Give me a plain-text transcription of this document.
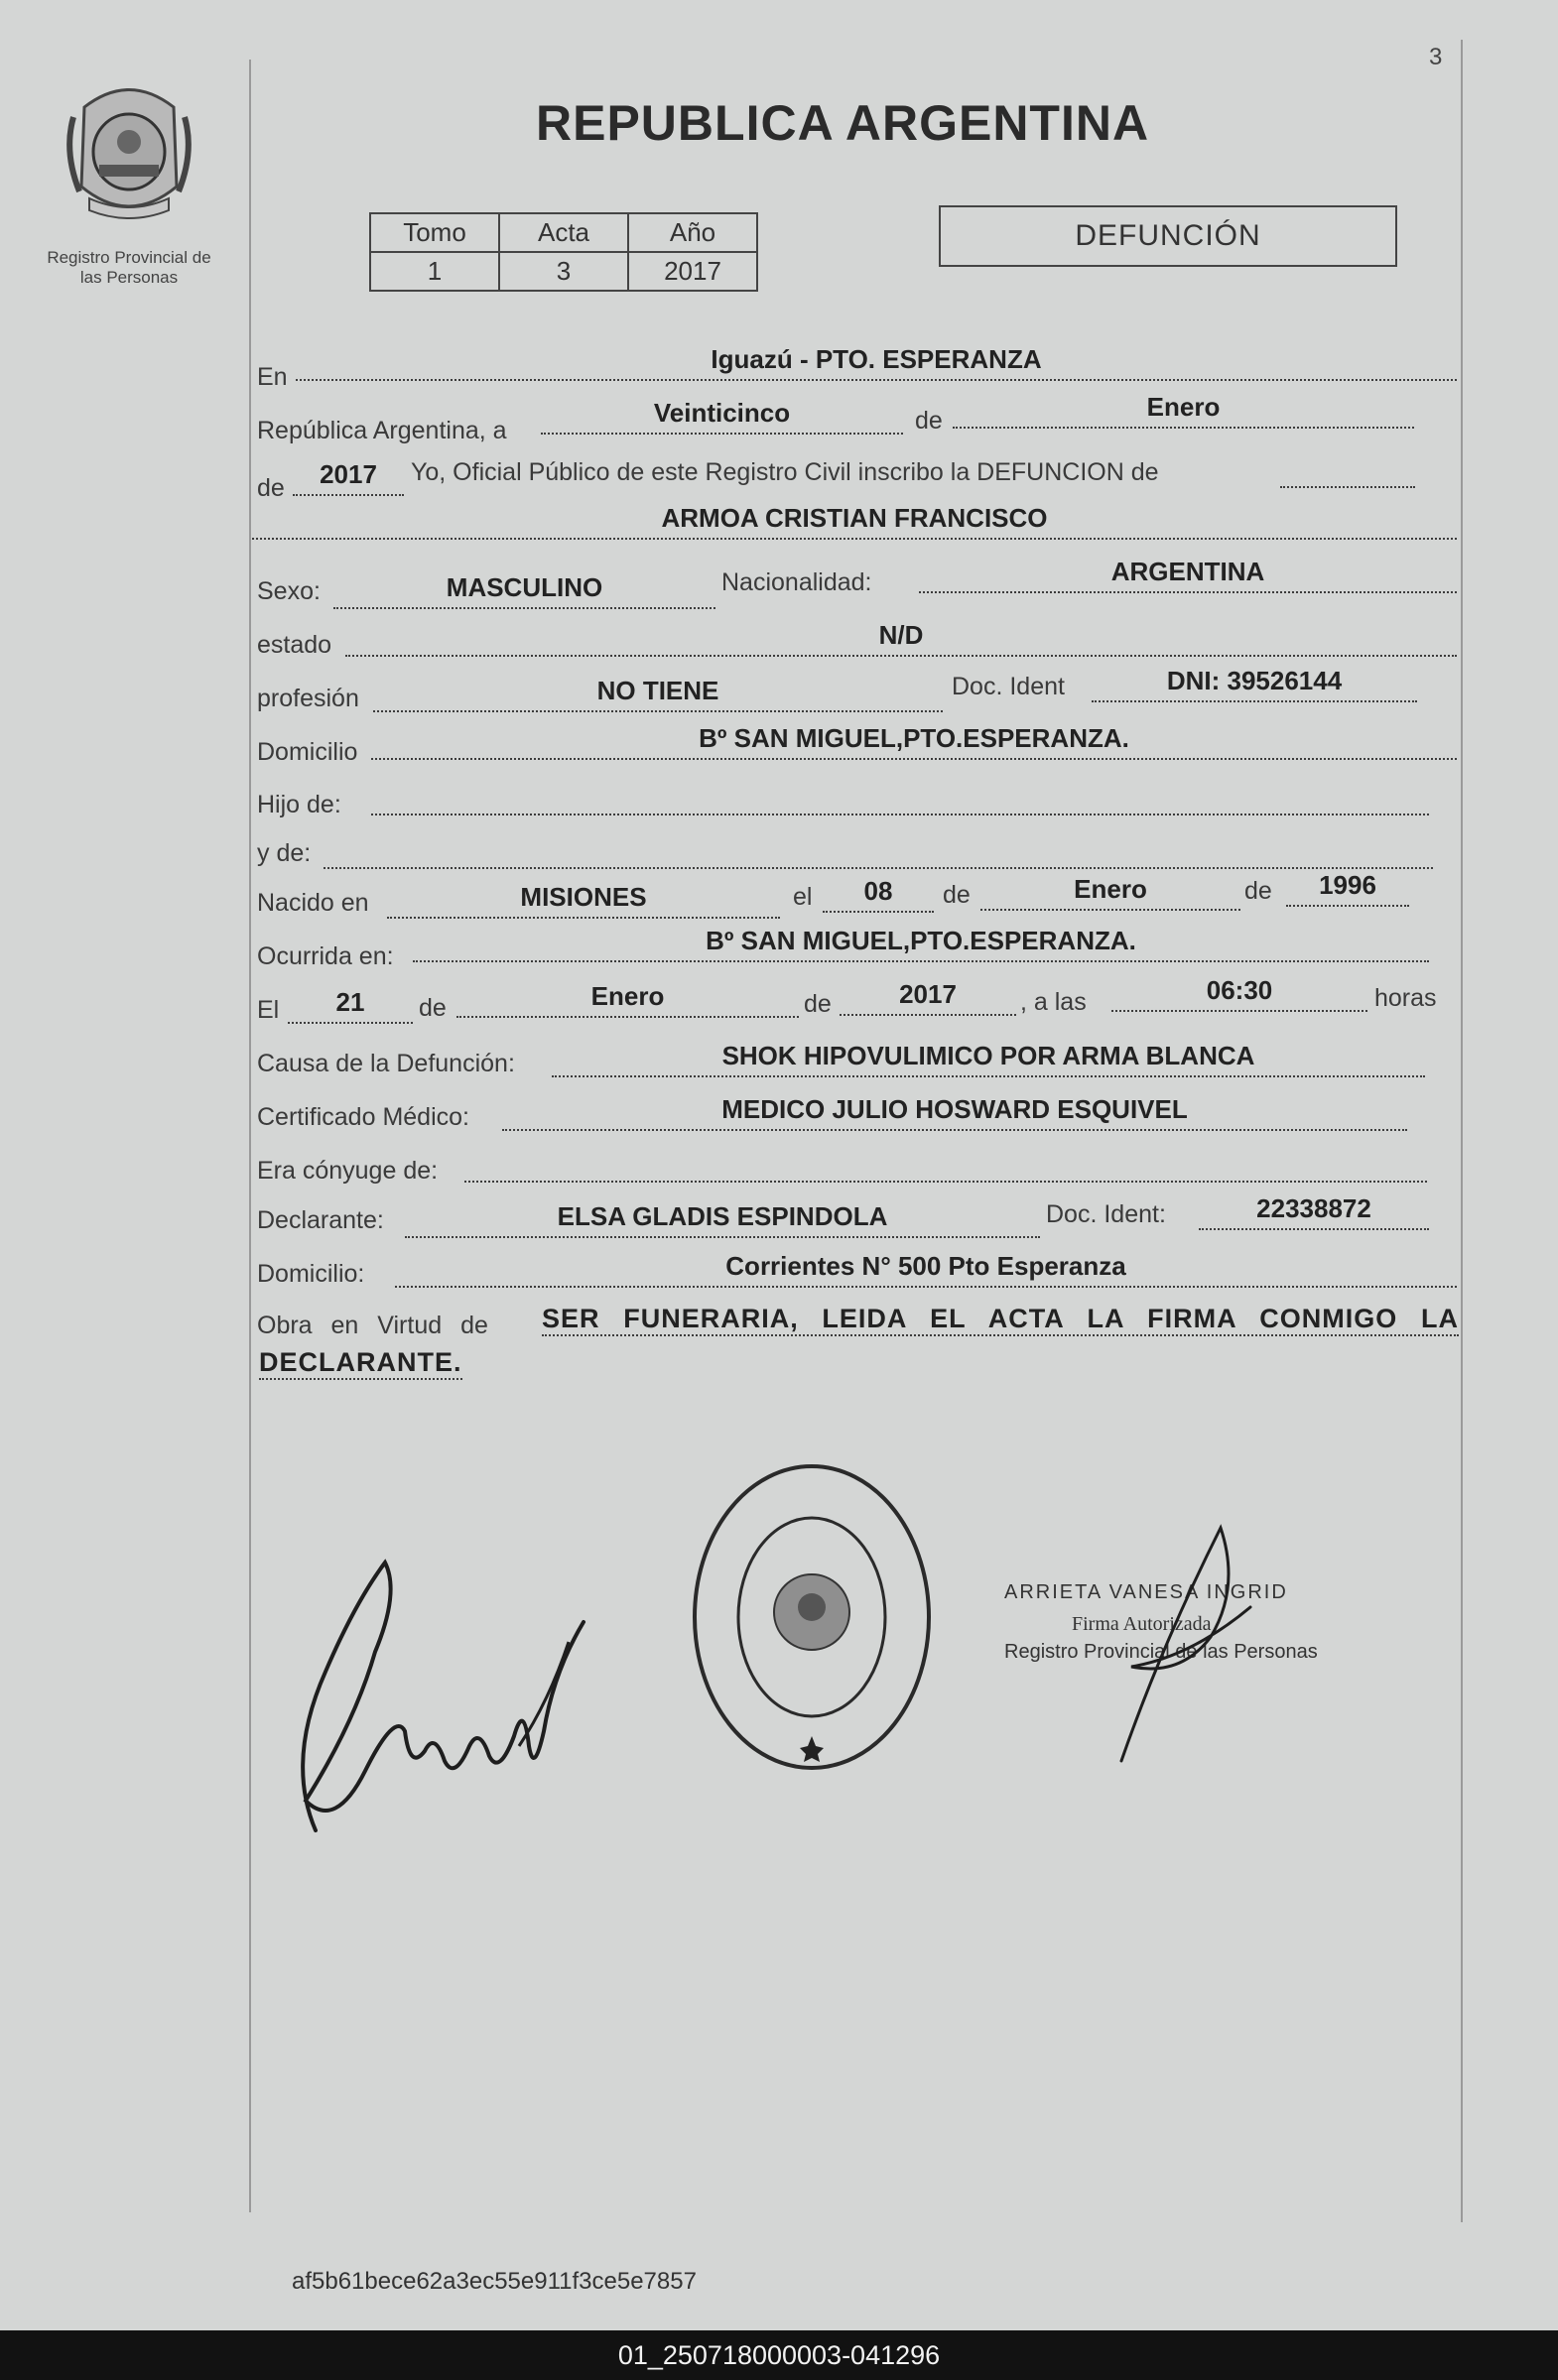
3
Registro Provincial de
las Personas
REPUBLICA ARGENTINA
Tomo	Acta	Año
1	3	2017
DEFUNCIÓN
En
Iguazú - PTO. ESPERANZA
República Argentina, a
Veinticinco	de	Enero
de	2017	Yo, Oficial Público de este Registro Civil inscribo la DEFUNCION de
ARMOA CRISTIAN FRANCISCO
Sexo:	MASCULINO	Nacionalidad:	ARGENTINA
estado	N/D
profesión	NO TIENE	Doc. Ident	DNI: 39526144
Domicilio	Bº SAN MIGUEL,PTO.ESPERANZA.
Hijo de:
y de:
Nacido en	MISIONES	el	08	de	Enero	de	1996
Ocurrida en:
Bº SAN MIGUEL,PTO.ESPERANZA.
El	21	de	Enero	de	2017	, a las	06:30	horas
Causa de la Defunción:	SHOK HIPOVULIMICO POR ARMA BLANCA
Certificado Médico:	MEDICO JULIO HOSWARD ESQUIVEL
Era cónyuge de:
Declarante:	ELSA GLADIS ESPINDOLA	Doc. Ident:	22338872
Domicilio:	Corrientes N° 500 Pto Esperanza
Obra en Virtud de SER FUNERARIA, LEIDA EL ACTA LA FIRMA CONMIGO LA
DECLARANTE.
ARRIETA VANESA INGRID
Firma Autorizada
Registro Provincial de las Personas
af5b61bece62a3ec55e911f3ce5e7857
01_250718000003-041296
